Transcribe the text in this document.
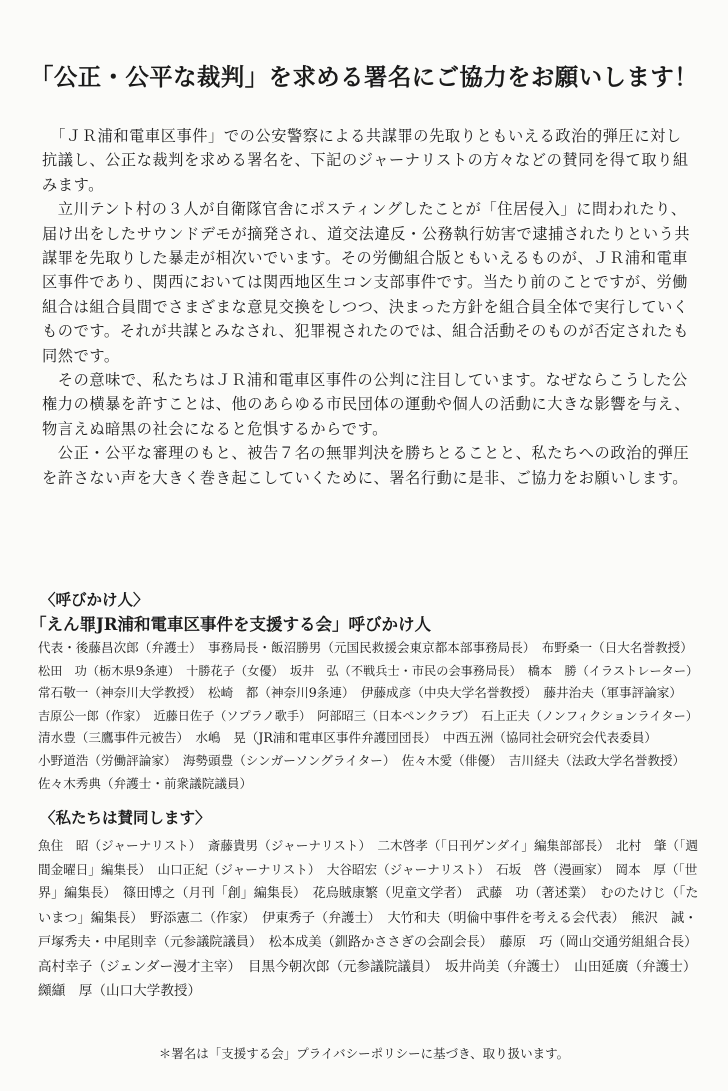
「公正・公平な裁判」を求める署名にご協力をお願いします！
　「ＪＲ浦和電車区事件」での公安警察による共謀罪の先取りともいえる政治的弾圧に対し
抗議し、公正な裁判を求める署名を、下記のジャーナリストの方々などの賛同を得て取り組
みます。
　立川テント村の３人が自衛隊官舎にポスティングしたことが「住居侵入」に問われたり、
届け出をしたサウンドデモが摘発され、道交法違反・公務執行妨害で逮捕されたりという共
謀罪を先取りした暴走が相次いでいます。その労働組合版ともいえるものが、ＪＲ浦和電車
区事件であり、関西においては関西地区生コン支部事件です。当たり前のことですが、労働
組合は組合員間でさまざまな意見交換をしつつ、決まった方針を組合員全体で実行していく
ものです。それが共謀とみなされ、犯罪視されたのでは、組合活動そのものが否定されたも
同然です。
　その意味で、私たちはＪＲ浦和電車区事件の公判に注目しています。なぜならこうした公
権力の横暴を許すことは、他のあらゆる市民団体の運動や個人の活動に大きな影響を与え、
物言えぬ暗黒の社会になると危惧するからです。
　公正・公平な審理のもと、被告７名の無罪判決を勝ちとることと、私たちへの政治的弾圧
を許さない声を大きく巻き起こしていくために、署名行動に是非、ご協力をお願いします。
〈呼びかけ人〉
「えん罪JR浦和電車区事件を支援する会」呼びかけ人
代表・後藤昌次郎（弁護士）　事務局長・飯沼勝男（元国民救援会東京都本部事務局長）　布野桑一（日大名誉教授）
松田　功（栃木県9条連）　十勝花子（女優）　坂井　弘（不戦兵士・市民の会事務局長）　橋本　勝（イラストレーター）
常石敬一（神奈川大学教授）　松崎　都（神奈川9条連）　伊藤成彦（中央大学名誉教授）　藤井治夫（軍事評論家）
吉原公一郎（作家）　近藤日佐子（ソプラノ歌手）　阿部昭三（日本ペンクラブ）　石上正夫（ノンフィクションライター）
清水豊（三鷹事件元被告）　水嶋　晃（JR浦和電車区事件弁護団団長）　中西五洲（協同社会研究会代表委員）
小野道浩（労働評論家）　海勢頭豊（シンガーソングライター）　佐々木愛（俳優）　吉川経夫（法政大学名誉教授）
佐々木秀典（弁護士・前衆議院議員）
〈私たちは賛同します〉
魚住　昭（ジャーナリスト）　斎藤貴男（ジャーナリスト）　二木啓孝（「日刊ゲンダイ」編集部部長）　北村　肇（「週
間金曜日」編集長）　山口正紀（ジャーナリスト）　大谷昭宏（ジャーナリスト）　石坂　啓（漫画家）　岡本　厚（「世
界」編集長）　篠田博之（月刊「創」編集長）　花烏賊康繁（児童文学者）　武藤　功（著述業）　むのたけじ（「た
いまつ」編集長）　野添憲二（作家）　伊東秀子（弁護士）　大竹和夫（明倫中事件を考える会代表）　熊沢　誠・
戸塚秀夫・中尾則幸（元参議院議員）　松本成美（釧路かささぎの会副会長）　藤原　巧（岡山交通労組組合長）
高村幸子（ジェンダー漫才主宰）　目黒今朝次郎（元参議院議員）　坂井尚美（弁護士）　山田延廣（弁護士）
纐纈　厚（山口大学教授）
＊署名は「支援する会」プライバシーポリシーに基づき、取り扱います。
